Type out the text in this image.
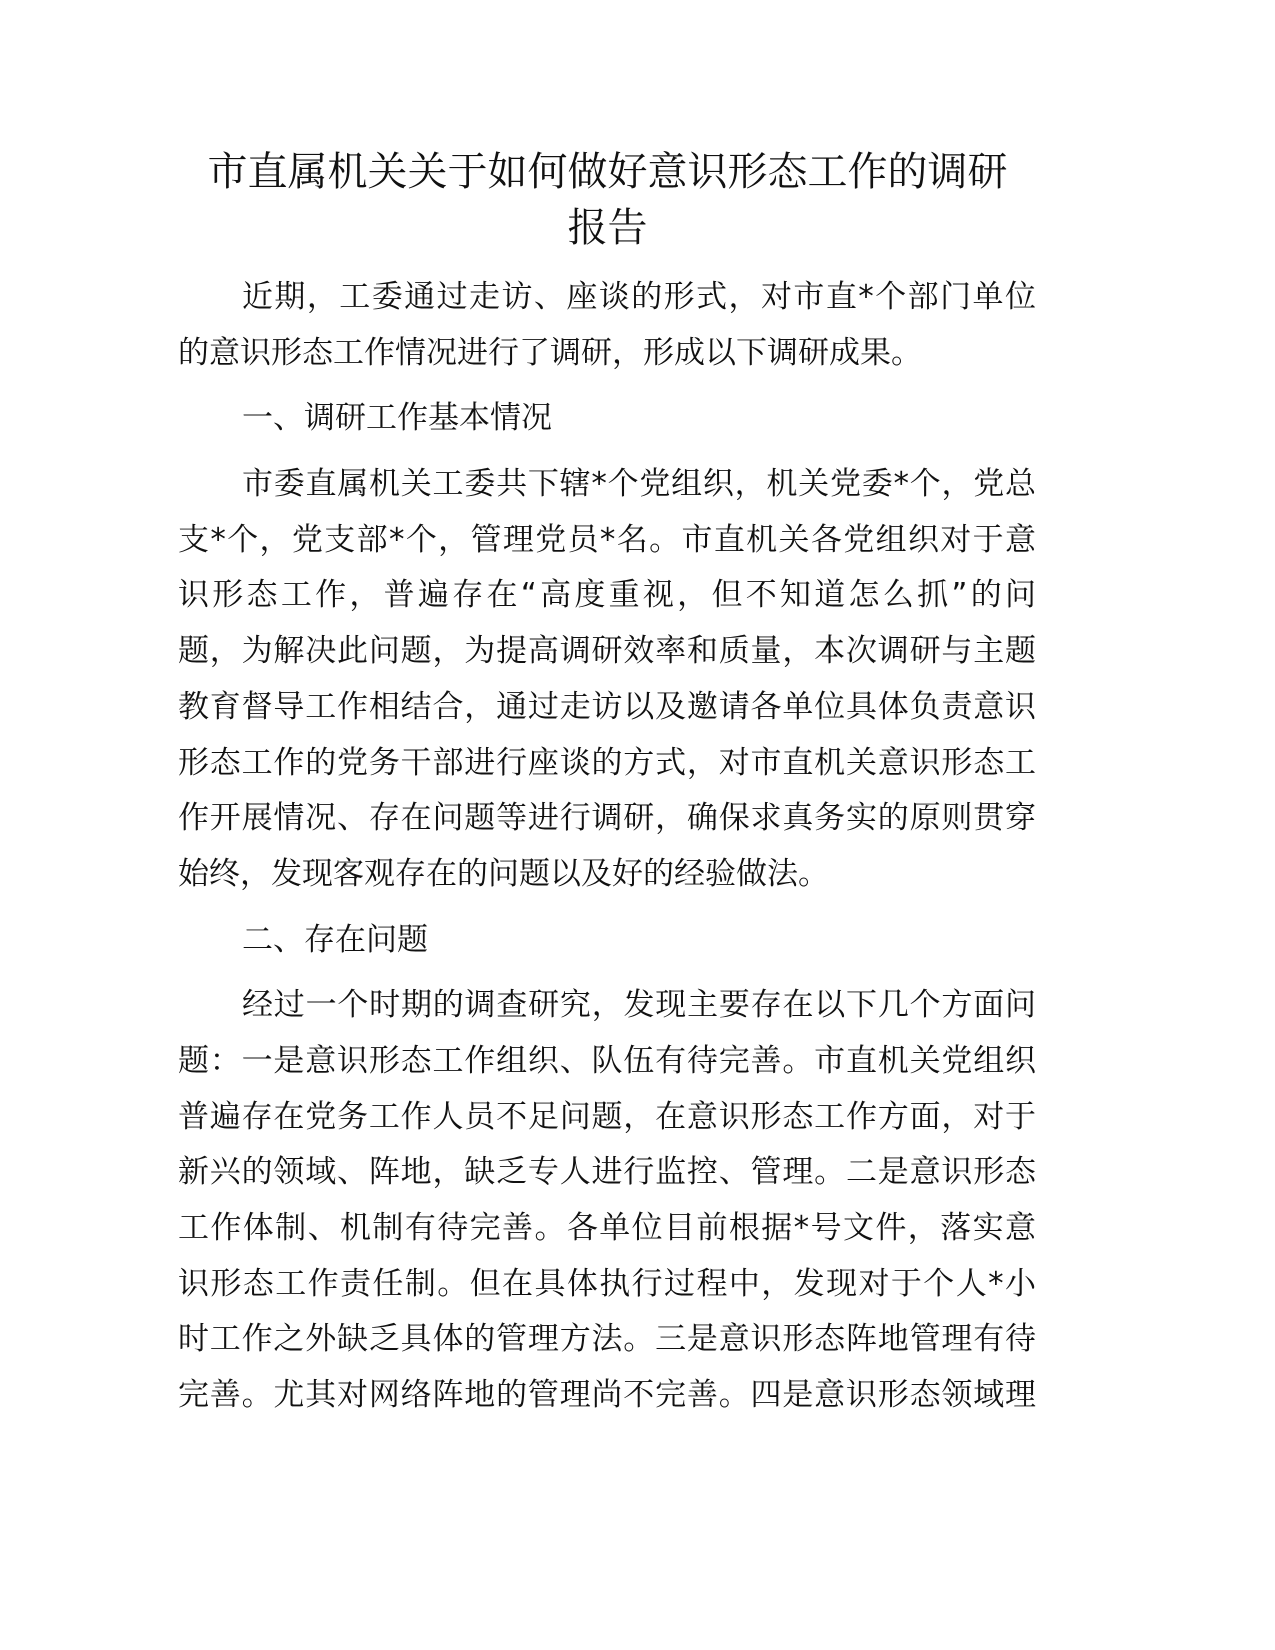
市直属机关关于如何做好意识形态工作的调研
报告
近期，工委通过走访、座谈的形式，对市直*个部门单位
的意识形态工作情况进行了调研，形成以下调研成果。
一、调研工作基本情况
市委直属机关工委共下辖*个党组织，机关党委*个，党总
支*个，党支部*个，管理党员*名。市直机关各党组织对于意
识形态工作，普遍存在“高度重视，但不知道怎么抓”的问
题，为解决此问题，为提高调研效率和质量，本次调研与主题
教育督导工作相结合，通过走访以及邀请各单位具体负责意识
形态工作的党务干部进行座谈的方式，对市直机关意识形态工
作开展情况、存在问题等进行调研，确保求真务实的原则贯穿
始终，发现客观存在的问题以及好的经验做法。
二、存在问题
经过一个时期的调查研究，发现主要存在以下几个方面问
题：一是意识形态工作组织、队伍有待完善。市直机关党组织
普遍存在党务工作人员不足问题，在意识形态工作方面，对于
新兴的领域、阵地，缺乏专人进行监控、管理。二是意识形态
工作体制、机制有待完善。各单位目前根据*号文件，落实意
识形态工作责任制。但在具体执行过程中，发现对于个人*小
时工作之外缺乏具体的管理方法。三是意识形态阵地管理有待
完善。尤其对网络阵地的管理尚不完善。四是意识形态领域理
